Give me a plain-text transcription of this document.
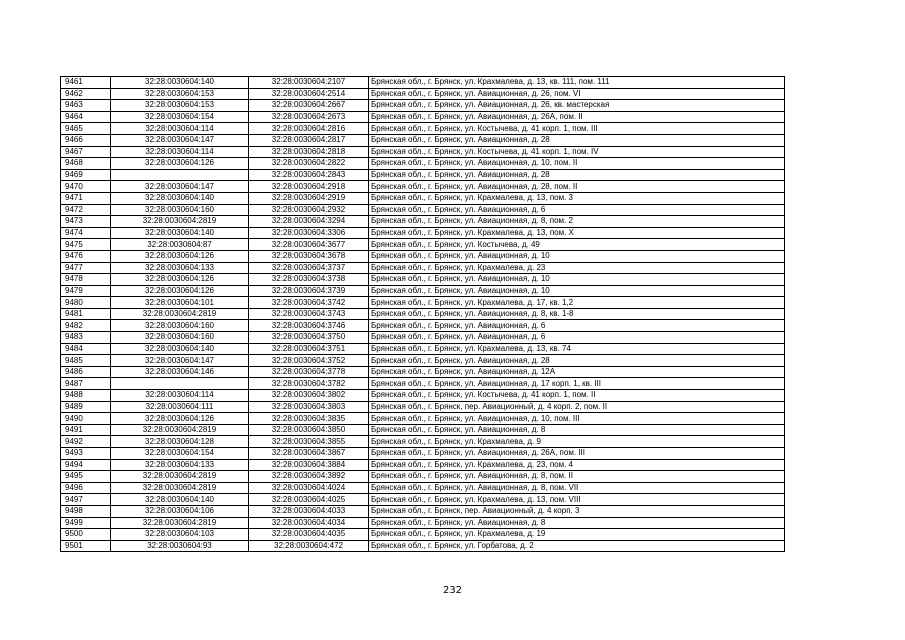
9461	32:28:0030604:140	32:28:0030604:2107	Брянская обл., г. Брянск, ул. Крахмалева, д. 13, кв. 111, пом. 111
9462	32:28:0030604:153	32:28:0030604:2514	Брянская обл., г. Брянск, ул. Авиационная, д. 26, пом. VI
9463	32:28:0030604:153	32:28:0030604:2667	Брянская обл., г. Брянск, ул. Авиационная, д. 26, кв. мастерская
9464	32:28:0030604:154	32:28:0030604:2673	Брянская обл., г. Брянск, ул. Авиационная, д. 26А, пом. II
9465	32:28:0030604:114	32:28:0030604:2816	Брянская обл., г. Брянск, ул. Костычева, д. 41 корп. 1, пом. III
9466	32:28:0030604:147	32:28:0030604:2817	Брянская обл., г. Брянск, ул. Авиационная, д. 28
9467	32:28:0030604:114	32:28:0030604:2818	Брянская обл., г. Брянск, ул. Костычева, д. 41 корп. 1, пом. IV
9468	32:28:0030604:126	32:28:0030604:2822	Брянская обл., г. Брянск, ул. Авиационная, д. 10, пом. II
9469		32:28:0030604:2843	Брянская обл., г. Брянск, ул. Авиационная, д. 28
9470	32:28:0030604:147	32:28:0030604:2918	Брянская обл., г. Брянск, ул. Авиационная, д. 28, пом. II
9471	32:28:0030604:140	32:28:0030604:2919	Брянская обл., г. Брянск, ул. Крахмалева, д. 13, пом. 3
9472	32:28:0030604:160	32:28:0030604:2932	Брянская обл., г. Брянск, ул. Авиационная, д. 6
9473	32:28:0030604:2819	32:28:0030604:3294	Брянская обл., г. Брянск, ул. Авиационная, д. 8, пом. 2
9474	32:28:0030604:140	32:28:0030604:3306	Брянская обл., г. Брянск, ул. Крахмалева, д. 13, пом. X
9475	32:28:0030604:87	32:28:0030604:3677	Брянская обл., г. Брянск, ул. Костычева, д. 49
9476	32:28:0030604:126	32:28:0030604:3678	Брянская обл., г. Брянск, ул. Авиационная, д. 10
9477	32:28:0030604:133	32:28:0030604:3737	Брянская обл., г. Брянск, ул. Крахмалева, д. 23
9478	32:28:0030604:126	32:28:0030604:3738	Брянская обл., г. Брянск, ул. Авиационная, д. 10
9479	32:28:0030604:126	32:28:0030604:3739	Брянская обл., г. Брянск, ул. Авиационная, д. 10
9480	32:28:0030604:101	32:28:0030604:3742	Брянская обл., г. Брянск, ул. Крахмалева, д. 17, кв. 1,2
9481	32:28:0030604:2819	32:28:0030604:3743	Брянская обл., г. Брянск, ул. Авиационная, д. 8, кв. 1-8
9482	32:28:0030604:160	32:28:0030604:3746	Брянская обл., г. Брянск, ул. Авиационная, д. 6
9483	32:28:0030604:160	32:28:0030604:3750	Брянская обл., г. Брянск, ул. Авиационная, д. 6
9484	32:28:0030604:140	32:28:0030604:3751	Брянская обл., г. Брянск, ул. Крахмалева, д. 13, кв. 74
9485	32:28:0030604:147	32:28:0030604:3752	Брянская обл., г. Брянск, ул. Авиационная, д. 28
9486	32:28:0030604:146	32:28:0030604:3778	Брянская обл., г. Брянск, ул. Авиационная, д. 12А
9487		32:28:0030604:3782	Брянская обл., г. Брянск, ул. Авиационная, д. 17 корп. 1, кв. III
9488	32:28:0030604:114	32:28:0030604:3802	Брянская обл., г. Брянск, ул. Костычева, д. 41 корп. 1, пом. II
9489	32:28:0030604:111	32:28:0030604:3803	Брянская обл., г. Брянск, пер. Авиационный, д. 4 корп. 2, пом. II
9490	32:28:0030604:126	32:28:0030604:3835	Брянская обл., г. Брянск, ул. Авиационная, д. 10, пом. III
9491	32:28:0030604:2819	32:28:0030604:3850	Брянская обл., г. Брянск, ул. Авиационная, д. 8
9492	32:28:0030604:128	32:28:0030604:3855	Брянская обл., г. Брянск, ул. Крахмалева, д. 9
9493	32:28:0030604:154	32:28:0030604:3867	Брянская обл., г. Брянск, ул. Авиационная, д. 26А, пом. III
9494	32:28:0030604:133	32:28:0030604:3884	Брянская обл., г. Брянск, ул. Крахмалева, д. 23, пом. 4
9495	32:28:0030604:2819	32:28:0030604:3892	Брянская обл., г. Брянск, ул. Авиационная, д. 8, пом. II
9496	32:28:0030604:2819	32:28:0030604:4024	Брянская обл., г. Брянск, ул. Авиационная, д. 8, пом. VII
9497	32:28:0030604:140	32:28:0030604:4025	Брянская обл., г. Брянск, ул. Крахмалева, д. 13, пом. VIII
9498	32:28:0030604:106	32:28:0030604:4033	Брянская обл., г. Брянск, пер. Авиационный, д. 4 корп. 3
9499	32:28:0030604:2819	32:28:0030604:4034	Брянская обл., г. Брянск, ул. Авиационная, д. 8
9500	32:28:0030604:103	32:28:0030604:4035	Брянская обл., г. Брянск, ул. Крахмалева, д. 19
9501	32:28:0030604:93	32:28:0030604:472	Брянская обл., г. Брянск, ул. Горбатова, д. 2
232
